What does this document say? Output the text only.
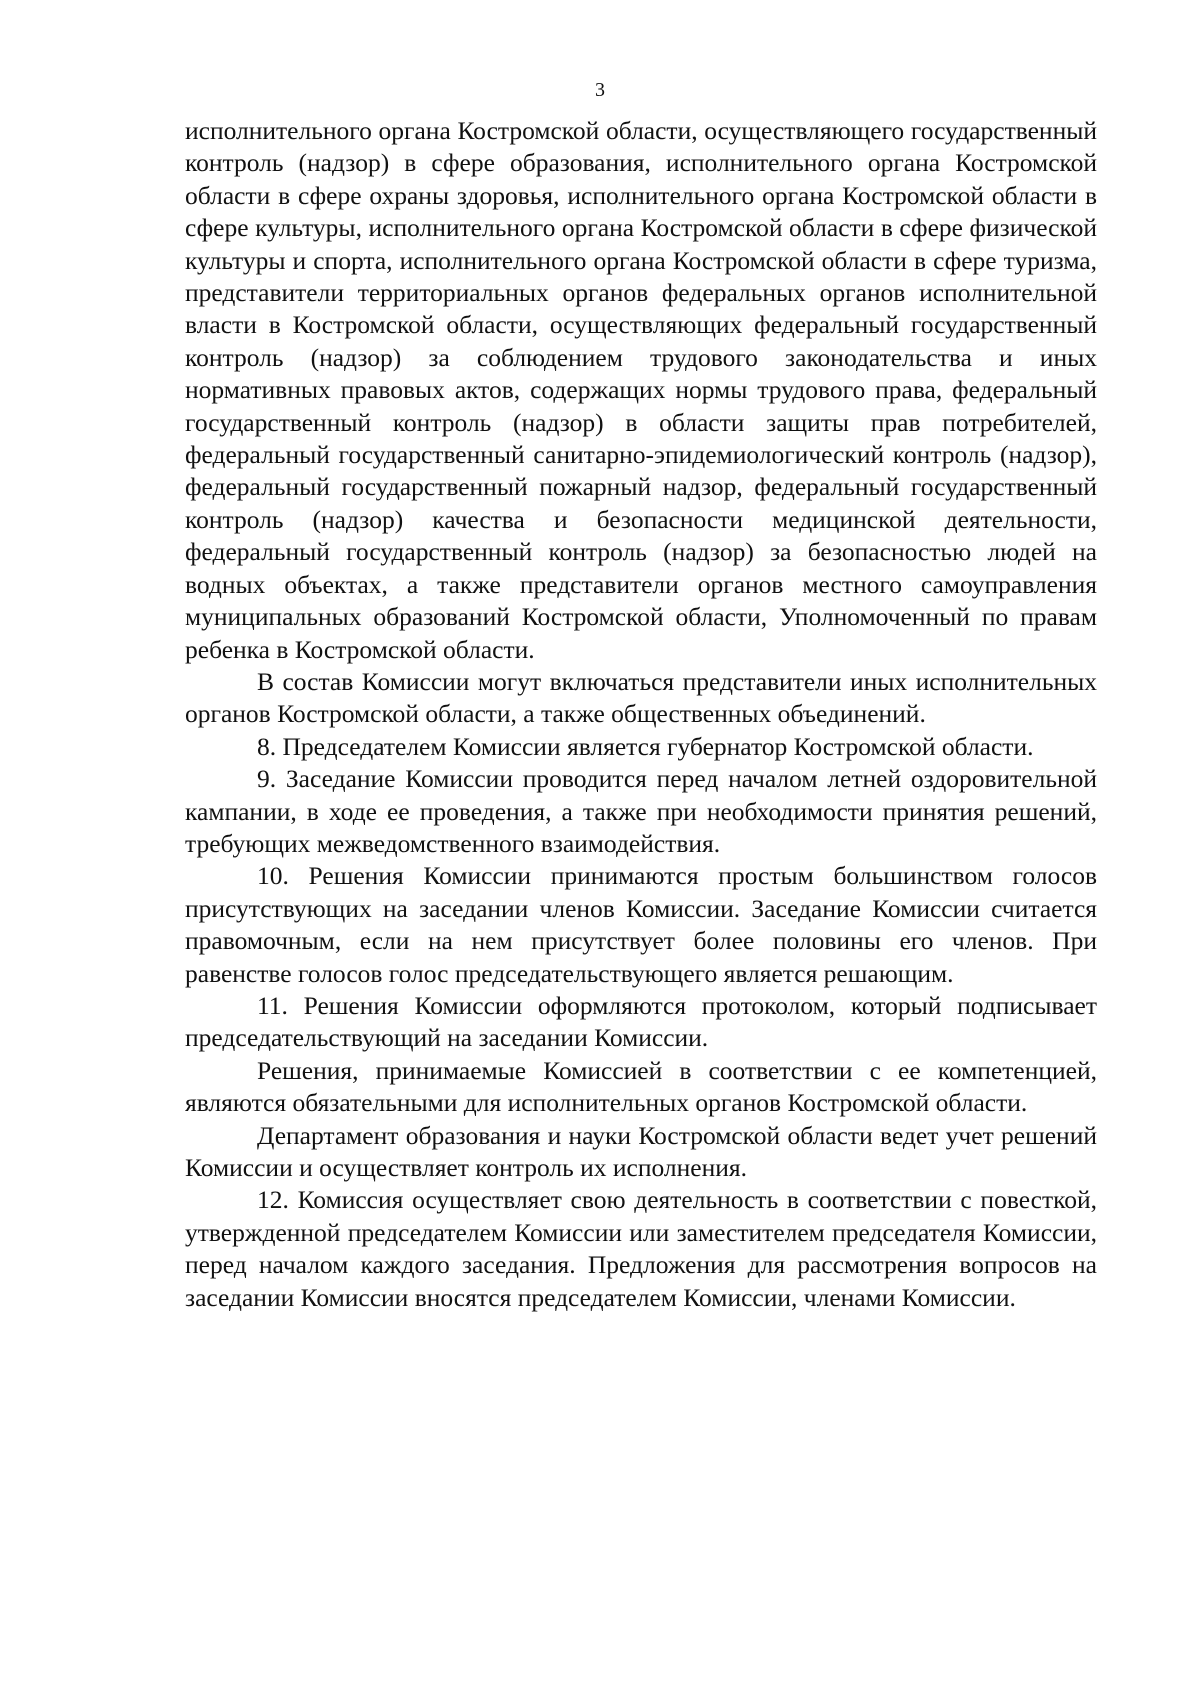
3

исполнительного органа Костромской области, осуществляющего государственный контроль (надзор) в сфере образования, исполнительного органа Костромской области в сфере охраны здоровья, исполнительного органа Костромской области в сфере культуры, исполнительного органа Костромской области в сфере физической культуры и спорта, исполнительного органа Костромской области в сфере туризма, представители территориальных органов федеральных органов исполнительной власти в Костромской области, осуществляющих федеральный государственный контроль (надзор) за соблюдением трудового законодательства и иных нормативных правовых актов, содержащих нормы трудового права, федеральный государственный контроль (надзор) в области защиты прав потребителей, федеральный государственный санитарно-эпидемиологический контроль (надзор), федеральный государственный пожарный надзор, федеральный государственный контроль (надзор) качества и безопасности медицинской деятельности, федеральный государственный контроль (надзор) за безопасностью людей на водных объектах, а также представители органов местного самоуправления муниципальных образований Костромской области, Уполномоченный по правам ребенка в Костромской области.

В состав Комиссии могут включаться представители иных исполнительных органов Костромской области, а также общественных объединений.

8. Председателем Комиссии является губернатор Костромской области.

9. Заседание Комиссии проводится перед началом летней оздоровительной кампании, в ходе ее проведения, а также при необходимости принятия решений, требующих межведомственного взаимодействия.

10. Решения Комиссии принимаются простым большинством голосов присутствующих на заседании членов Комиссии. Заседание Комиссии считается правомочным, если на нем присутствует более половины его членов. При равенстве голосов голос председательствующего является решающим.

11. Решения Комиссии оформляются протоколом, который подписывает председательствующий на заседании Комиссии.

Решения, принимаемые Комиссией в соответствии с ее компетенцией, являются обязательными для исполнительных органов Костромской области.

Департамент образования и науки Костромской области ведет учет решений Комиссии и осуществляет контроль их исполнения.

12. Комиссия осуществляет свою деятельность в соответствии с повесткой, утвержденной председателем Комиссии или заместителем председателя Комиссии, перед началом каждого заседания. Предложения для рассмотрения вопросов на заседании Комиссии вносятся председателем Комиссии, членами Комиссии.
